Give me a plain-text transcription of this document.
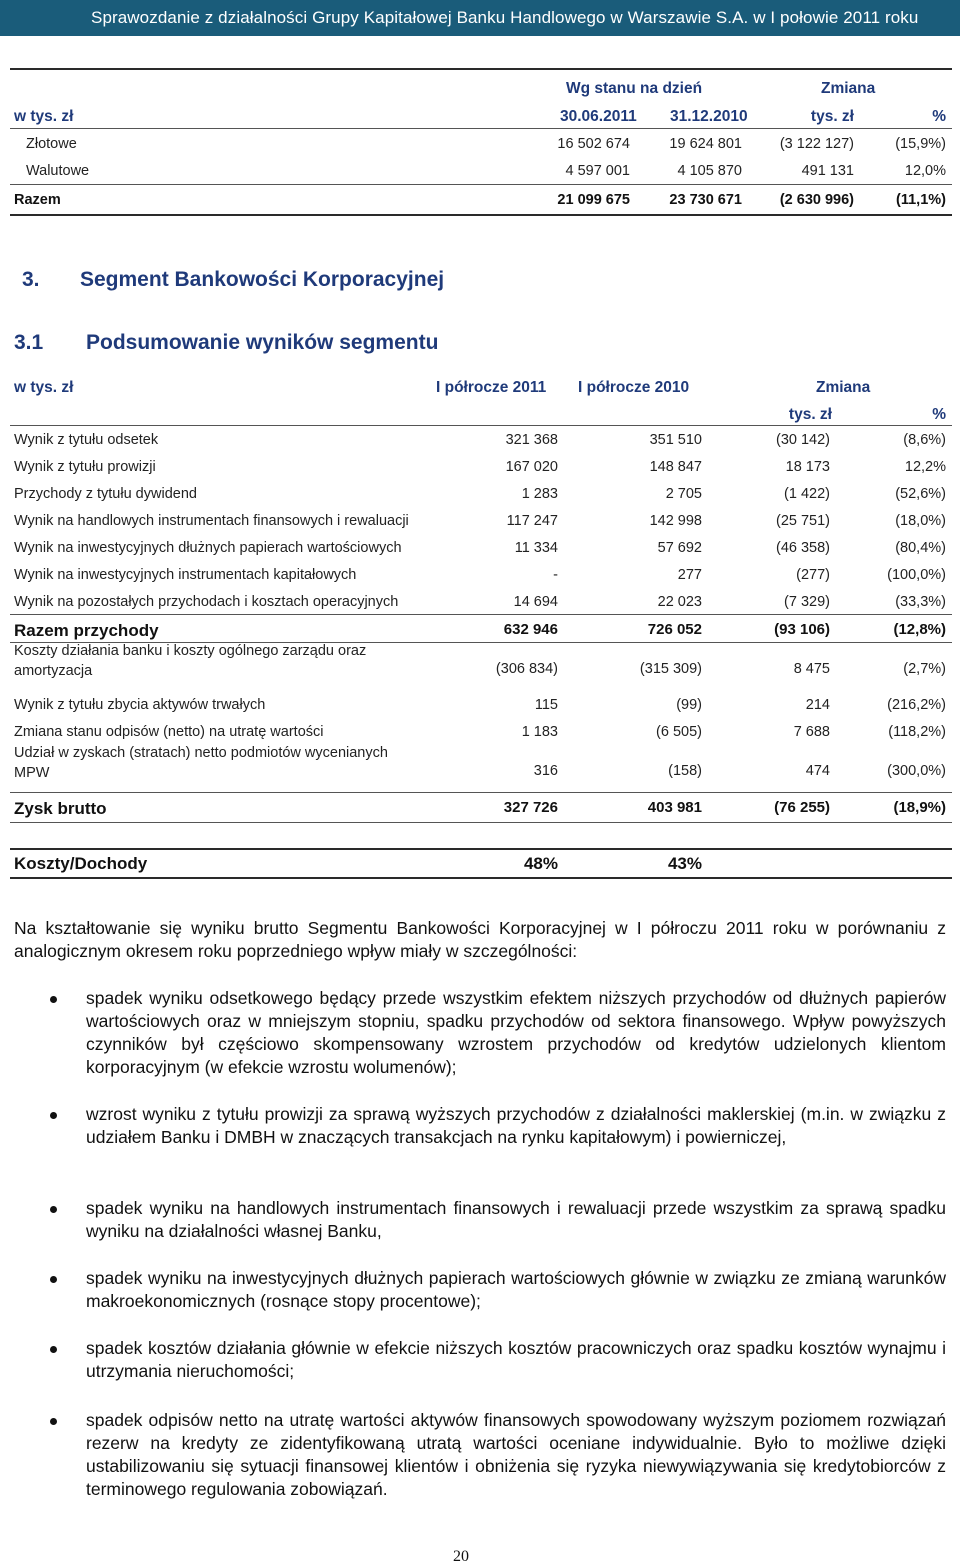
Sprawozdanie z działalności Grupy Kapitałowej Banku Handlowego w Warszawie S.A. w I połowie 2011 roku
Wg stanu na dzień	Zmiana
w tys. zł	30.06.2011 31.12.2010	tys. zł	%
Złotowe	16 502 674	19 624 801	(3 122 127)	(15,9%)
Walutowe	4 597 001	4 105 870	491 131	12,0%
Razem	21 099 675	23 730 671	(2 630 996)	(11,1%)
3. Segment Bankowości Korporacyjnej
3.1 Podsumowanie wyników segmentu
w tys. zł	I półrocze 2011 I półrocze 2010	Zmiana
tys. zł	%
Wynik z tytułu odsetek	321 368	351 510	(30 142)	(8,6%)
Wynik z tytułu prowizji	167 020	148 847	18 173	12,2%
Przychody z tytułu dywidend	1 283	2 705	(1 422)	(52,6%)
Wynik na handlowych instrumentach finansowych i rewaluacji	117 247	142 998	(25 751)	(18,0%)
Wynik na inwestycyjnych dłużnych papierach wartościowych	11 334	57 692	(46 358)	(80,4%)
Wynik na inwestycyjnych instrumentach kapitałowych	-	277	(277)	(100,0%)
Wynik na pozostałych przychodach i kosztach operacyjnych	14 694	22 023	(7 329)	(33,3%)
Razem przychody	632 946	726 052	(93 106)	(12,8%)
Koszty działania banku i koszty ogólnego zarządu oraz amortyzacja	(306 834)	(315 309)	8 475	(2,7%)
Wynik z tytułu zbycia aktywów trwałych	115	(99)	214	(216,2%)
Zmiana stanu odpisów (netto) na utratę wartości	1 183	(6 505)	7 688	(118,2%)
Udział w zyskach (stratach) netto podmiotów wycenianych MPW	316	(158)	474	(300,0%)
Zysk brutto	327 726	403 981	(76 255)	(18,9%)
Koszty/Dochody	48%	43%
Na kształtowanie się wyniku brutto Segmentu Bankowości Korporacyjnej w I półroczu 2011 roku w porównaniu z analogicznym okresem roku poprzedniego wpływ miały w szczególności:
spadek wyniku odsetkowego będący przede wszystkim efektem niższych przychodów od dłużnych papierów wartościowych oraz w mniejszym stopniu, spadku przychodów od sektora finansowego. Wpływ powyższych czynników był częściowo skompensowany wzrostem przychodów od kredytów udzielonych klientom korporacyjnym (w efekcie wzrostu wolumenów);
wzrost wyniku z tytułu prowizji za sprawą wyższych przychodów z działalności maklerskiej (m.in. w związku z udziałem Banku i DMBH w znaczących transakcjach na rynku kapitałowym) i powierniczej,
spadek wyniku na handlowych instrumentach finansowych i rewaluacji przede wszystkim za sprawą spadku wyniku na działalności własnej Banku,
spadek wyniku na inwestycyjnych dłużnych papierach wartościowych głównie w związku ze zmianą warunków makroekonomicznych (rosnące stopy procentowe);
spadek kosztów działania głównie w efekcie niższych kosztów pracowniczych oraz spadku kosztów wynajmu i utrzymania nieruchomości;
spadek odpisów netto na utratę wartości aktywów finansowych spowodowany wyższym poziomem rozwiązań rezerw na kredyty ze zidentyfikowaną utratą wartości oceniane indywidualnie. Było to możliwe dzięki ustabilizowaniu się sytuacji finansowej klientów i obniżenia się ryzyka niewywiązywania się kredytobiorców z terminowego regulowania zobowiązań.
20
